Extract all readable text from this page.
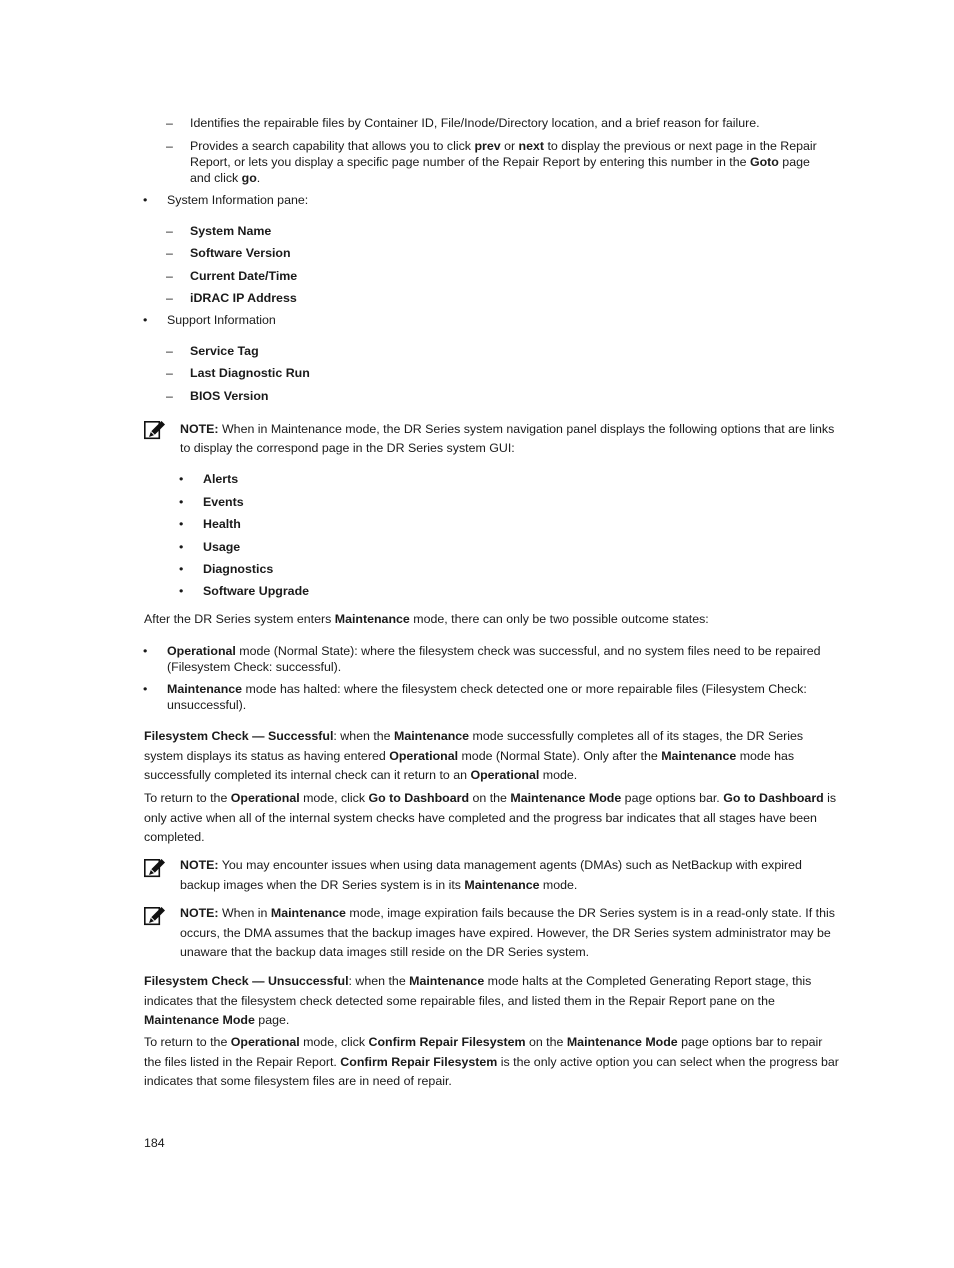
– Identifies the repairable files by Container ID, File/Inode/Directory location, and a brief reason for failure.

– Provides a search capability that allows you to click prev or next to display the previous or next page in the Repair Report, or lets you display a specific page number of the Repair Report by entering this number in the Goto page and click go.

• System Information pane:

– System Name
– Software Version
– Current Date/Time
– iDRAC IP Address
• Support Information

– Service Tag
– Last Diagnostic Run
– BIOS Version

NOTE: When in Maintenance mode, the DR Series system navigation panel displays the following options that are links to display the correspond page in the DR Series system GUI:

• Alerts
• Events
• Health
• Usage
• Diagnostics
• Software Upgrade

After the DR Series system enters Maintenance mode, there can only be two possible outcome states:

• Operational mode (Normal State): where the filesystem check was successful, and no system files need to be repaired (Filesystem Check: successful).

• Maintenance mode has halted: where the filesystem check detected one or more repairable files (Filesystem Check: unsuccessful).

Filesystem Check — Successful: when the Maintenance mode successfully completes all of its stages, the DR Series system displays its status as having entered Operational mode (Normal State). Only after the Maintenance mode has successfully completed its internal check can it return to an Operational mode.

To return to the Operational mode, click Go to Dashboard on the Maintenance Mode page options bar. Go to Dashboard is only active when all of the internal system checks have completed and the progress bar indicates that all stages have been completed.

NOTE: You may encounter issues when using data management agents (DMAs) such as NetBackup with expired backup images when the DR Series system is in its Maintenance mode.

NOTE: When in Maintenance mode, image expiration fails because the DR Series system is in a read-only state. If this occurs, the DMA assumes that the backup images have expired. However, the DR Series system administrator may be unaware that the backup data images still reside on the DR Series system.

Filesystem Check — Unsuccessful: when the Maintenance mode halts at the Completed Generating Report stage, this indicates that the filesystem check detected some repairable files, and listed them in the Repair Report pane on the Maintenance Mode page.

To return to the Operational mode, click Confirm Repair Filesystem on the Maintenance Mode page options bar to repair the files listed in the Repair Report. Confirm Repair Filesystem is the only active option you can select when the progress bar indicates that some filesystem files are in need of repair.

184
